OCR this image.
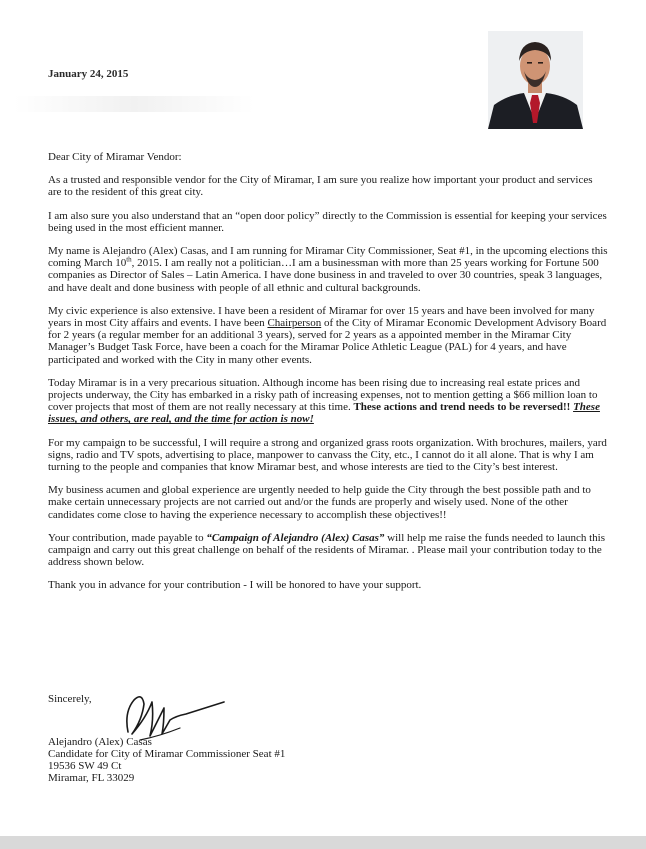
January 24, 2015

Dear City of Miramar Vendor:

As a trusted and responsible vendor for the City of Miramar, I am sure you realize how important your product and services are to the resident of this great city.

I am also sure you also understand that an “open door policy” directly to the Commission is essential for keeping your services being used in the most efficient manner.

My name is Alejandro (Alex) Casas, and I am running for Miramar City Commissioner, Seat #1, in the upcoming elections this coming March 10th, 2015. I am really not a politician…I am a businessman with more than 25 years working for Fortune 500 companies as Director of Sales – Latin America. I have done business in and traveled to over 30 countries, speak 3 languages, and have dealt and done business with people of all ethnic and cultural backgrounds.

My civic experience is also extensive. I have been a resident of Miramar for over 15 years and have been involved for many years in most City affairs and events. I have been Chairperson of the City of Miramar Economic Development Advisory Board for 2 years (a regular member for an additional 3 years), served for 2 years as a appointed member in the Miramar City Manager’s Budget Task Force, have been a coach for the Miramar Police Athletic League (PAL) for 4 years, and have participated and worked with the City in many other events.

Today Miramar is in a very precarious situation. Although income has been rising due to increasing real estate prices and projects underway, the City has embarked in a risky path of increasing expenses, not to mention getting a $66 million loan to cover projects that most of them are not really necessary at this time. These actions and trend needs to be reversed!! These issues, and others, are real, and the time for action is now!

For my campaign to be successful, I will require a strong and organized grass roots organization. With brochures, mailers, yard signs, radio and TV spots, advertising to place, manpower to canvass the City, etc., I cannot do it all alone. That is why I am turning to the people and companies that know Miramar best, and whose interests are tied to the City’s best interest.

My business acumen and global experience are urgently needed to help guide the City through the best possible path and to make certain unnecessary projects are not carried out and/or the funds are properly and wisely used. None of the other candidates come close to having the experience necessary to accomplish these objectives!!

Your contribution, made payable to “Campaign of Alejandro (Alex) Casas” will help me raise the funds needed to launch this campaign and carry out this great challenge on behalf of the residents of Miramar. . Please mail your contribution today to the address shown below.

Thank you in advance for your contribution - I will be honored to have your support.

Sincerely,
Alejandro (Alex) Casas
Candidate for City of Miramar Commissioner Seat #1
19536 SW 49 Ct
Miramar, FL 33029
